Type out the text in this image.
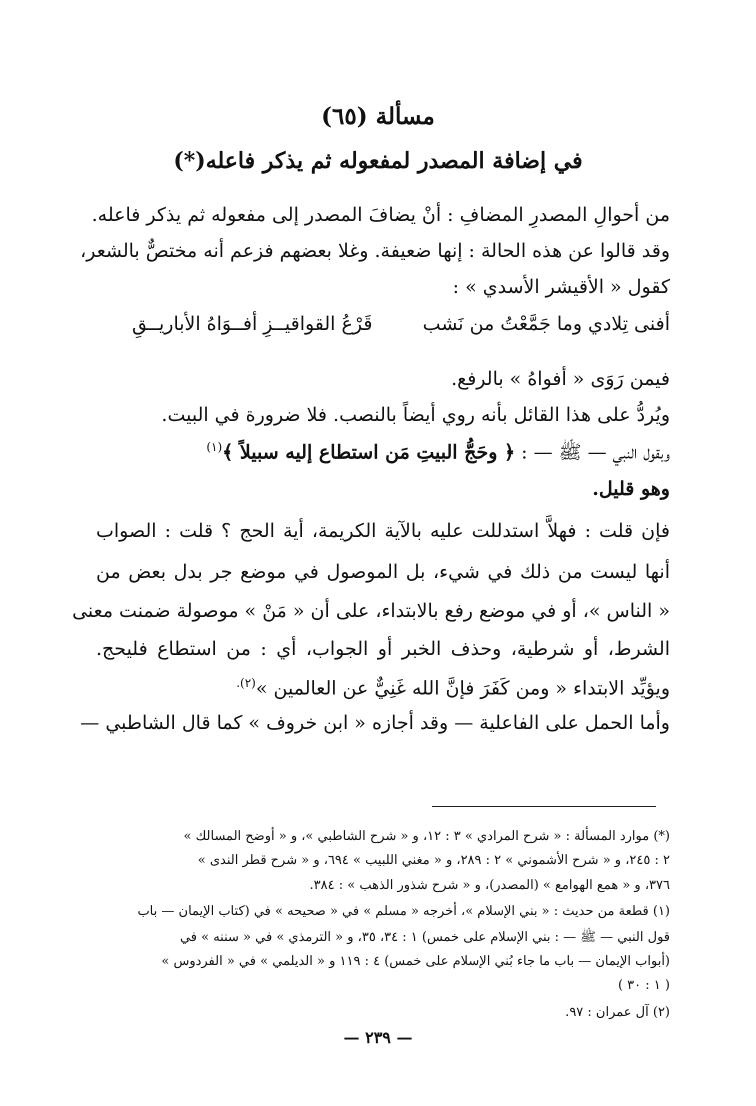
مسألة (٦٥)
في إضافة المصدر لمفعوله ثم يذكر فاعله(*)
من أحوالِ المصدرِ المضافِ : أنْ يضافَ المصدر إلى مفعوله ثم يذكر فاعله.
وقد قالوا عن هذه الحالة : إنها ضعيفة. وغلا بعضهم فزعم أنه مختصٌّ بالشعر،
كقول « الأقيشر الأسدي » :
أفنى تِلادي وما جَمَّعْتُ من نَشب
قَرْعُ القواقيــزِ أفــوَاهُ الأباريــقِ
فيمن رَوَى « أفواهُ » بالرفع.
ويُردُّ على هذا القائل بأنه روي أيضاً بالنصب. فلا ضرورة في البيت.
وبقول النبي — ﷺ — : ﴿ وحَجُّ البيتِ مَن استطاع إليه سبيلاً ﴾$^{(١)}$
وهو قليل.
فإن قلت : فهلاَّ استدللت عليه بالآية الكريمة، أية الحج ؟ قلت : الصواب
أنها ليست من ذلك في شيء، بل الموصول في موضع جر بدل بعض من
« الناس »، أو في موضع رفع بالابتداء، على أن « مَنْ » موصولة ضمنت معنى
الشرط، أو شرطية، وحذف الخبر أو الجواب، أي : من استطاع فليحج.
ويؤيِّد الابتداء « ومن كَفَرَ فإنَّ الله غَنِيٌّ عن العالمين »$^{(٢).}$
وأما الحمل على الفاعلية — وقد أجازه « ابن خروف » كما قال الشاطبي —
(*) موارد المسألة : « شرح المرادي » ٣ : ١٢، و « شرح الشاطبي »، و « أوضح المسالك »
٢ : ٢٤٥، و « شرح الأشموني » ٢ : ٢٨٩، و « مغني اللبيب » ٦٩٤، و « شرح قطر الندى »
٣٧٦، و « همع الهوامع » (المصدر)، و « شرح شذور الذهب » : ٣٨٤.
(١) قطعة من حديث : « بني الإسلام »، أخرجه « مسلم » في « صحيحه » في (كتاب الإيمان — باب
قول النبي — ﷺ — : بني الإسلام على خمس) ١ : ٣٤، ٣٥، و « الترمذي » في « سننه » في
(أبواب الإيمان — باب ما جاء بُني الإسلام على خمس) ٤ : ١١٩ و « الديلمي » في « الفردوس »
( ١ : ٣٠ )
(٢) آل عمران : ٩٧.
— ٢٣٩ —
